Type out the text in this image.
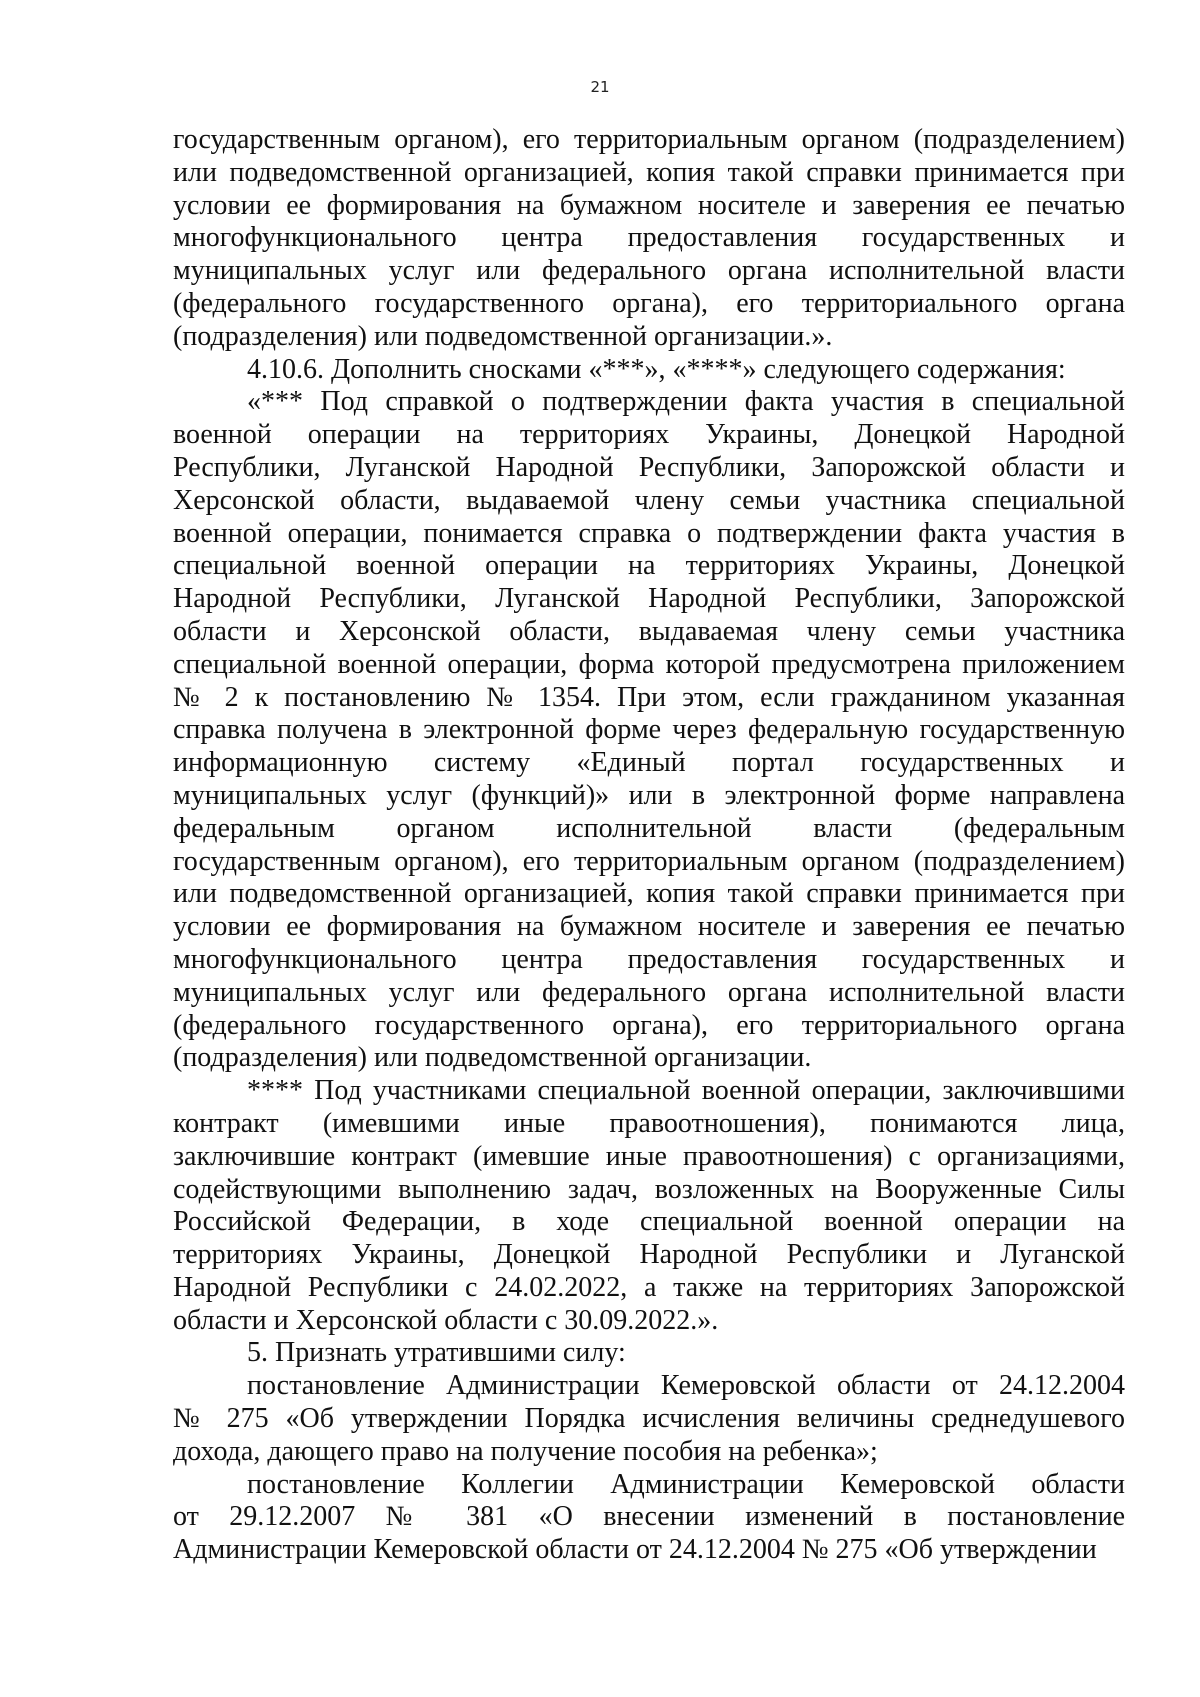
21
государственным органом), его территориальным органом (подразделением)
или подведомственной организацией, копия такой справки принимается при
условии ее формирования на бумажном носителе и заверения ее печатью
многофункционального центра предоставления государственных и
муниципальных услуг или федерального органа исполнительной власти
(федерального государственного органа), его территориального органа
(подразделения) или подведомственной организации.».
4.10.6. Дополнить сносками «***», «****» следующего содержания:
«*** Под справкой о подтверждении факта участия в специальной
военной операции на территориях Украины, Донецкой Народной
Республики, Луганской Народной Республики, Запорожской области и
Херсонской области, выдаваемой члену семьи участника специальной
военной операции, понимается справка о подтверждении факта участия в
специальной военной операции на территориях Украины, Донецкой
Народной Республики, Луганской Народной Республики, Запорожской
области и Херсонской области, выдаваемая члену семьи участника
специальной военной операции, форма которой предусмотрена приложением
№ 2 к постановлению № 1354. При этом, если гражданином указанная
справка получена в электронной форме через федеральную государственную
информационную систему «Единый портал государственных и
муниципальных услуг (функций)» или в электронной форме направлена
федеральным органом исполнительной власти (федеральным
государственным органом), его территориальным органом (подразделением)
или подведомственной организацией, копия такой справки принимается при
условии ее формирования на бумажном носителе и заверения ее печатью
многофункционального центра предоставления государственных и
муниципальных услуг или федерального органа исполнительной власти
(федерального государственного органа), его территориального органа
(подразделения) или подведомственной организации.
**** Под участниками специальной военной операции, заключившими
контракт (имевшими иные правоотношения), понимаются лица,
заключившие контракт (имевшие иные правоотношения) с организациями,
содействующими выполнению задач, возложенных на Вооруженные Силы
Российской Федерации, в ходе специальной военной операции на
территориях Украины, Донецкой Народной Республики и Луганской
Народной Республики с 24.02.2022, а также на территориях Запорожской
области и Херсонской области с 30.09.2022.».
5. Признать утратившими силу:
постановление Администрации Кемеровской области от 24.12.2004
№ 275 «Об утверждении Порядка исчисления величины среднедушевого
дохода, дающего право на получение пособия на ребенка»;
постановление Коллегии Администрации Кемеровской области
от 29.12.2007 № 381 «О внесении изменений в постановление
Администрации Кемеровской области от 24.12.2004 № 275 «Об утверждении
